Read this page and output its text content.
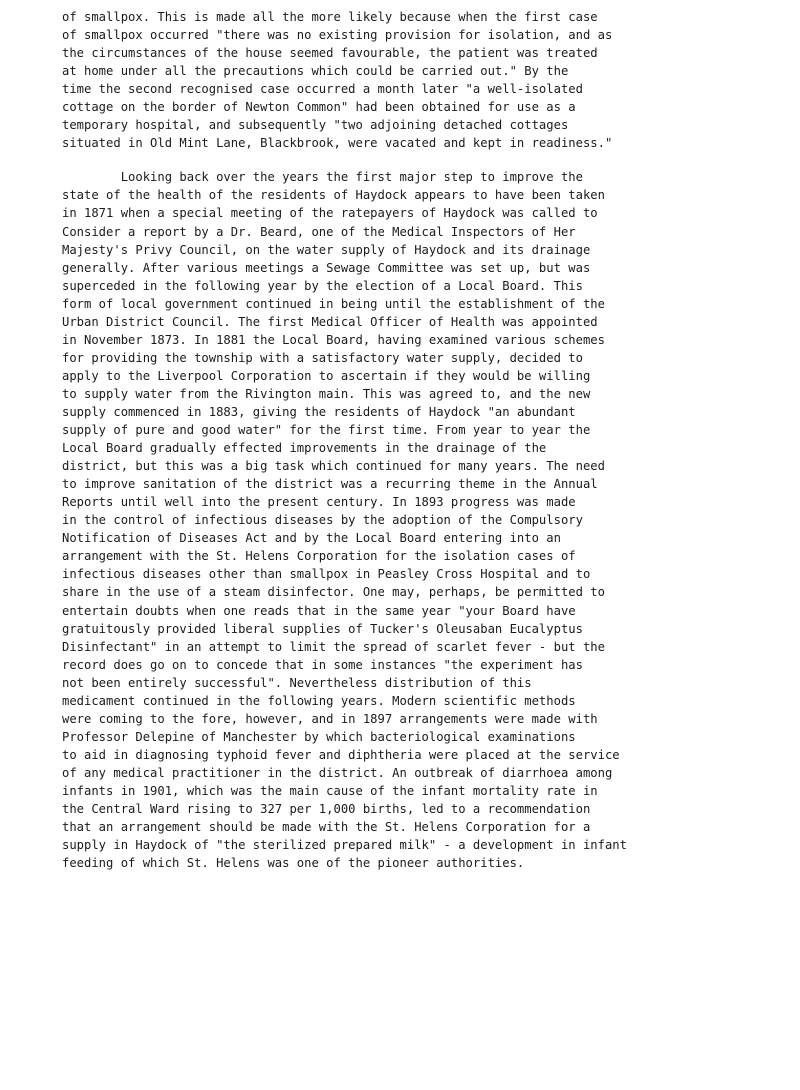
of smallpox. This is made all the more likely because when the first case

of smallpox occurred "there was no existing provision for isolation, and as

the circumstances of the house seemed favourable, the patient was treated

at home under all the precautions which could be carried out." By the

time the second recognised case occurred a month later "a well-isolated

cottage on the border of Newton Common" had been obtained for use as a

temporary hospital, and subsequently "two adjoining detached cottages

situated in Old Mint Lane, Blackbrook, were vacated and kept in readiness."

Looking back over the years the first major step to improve the

state of the health of the residents of Haydock appears to have been taken

in 1871 when a special meeting of the ratepayers of Haydock was called to

Consider a report by a Dr. Beard, one of the Medical Inspectors of Her

Majesty's Privy Council, on the water supply of Haydock and its drainage

generally. After various meetings a Sewage Committee was set up, but was

superceded in the following year by the election of a Local Board. This

form of local government continued in being until the establishment of the

Urban District Council. The first Medical Officer of Health was appointed

in November 1873. In 1881 the Local Board, having examined various schemes

for providing the township with a satisfactory water supply, decided to

apply to the Liverpool Corporation to ascertain if they would be willing

to supply water from the Rivington main. This was agreed to, and the new

supply commenced in 1883, giving the residents of Haydock "an abundant

supply of pure and good water" for the first time. From year to year the

Local Board gradually effected improvements in the drainage of the

district, but this was a big task which continued for many years. The need

to improve sanitation of the district was a recurring theme in the Annual

Reports until well into the present century. In 1893 progress was made

in the control of infectious diseases by the adoption of the Compulsory

Notification of Diseases Act and by the Local Board entering into an

arrangement with the St. Helens Corporation for the isolation cases of

infectious diseases other than smallpox in Peasley Cross Hospital and to

share in the use of a steam disinfector. One may, perhaps, be permitted to

entertain doubts when one reads that in the same year "your Board have

gratuitously provided liberal supplies of Tucker's Oleusaban Eucalyptus

Disinfectant" in an attempt to limit the spread of scarlet fever - but the

record does go on to concede that in some instances "the experiment has

not been entirely successful". Nevertheless distribution of this

medicament continued in the following years. Modern scientific methods

were coming to the fore, however, and in 1897 arrangements were made with

Professor Delepine of Manchester by which bacteriological examinations

to aid in diagnosing typhoid fever and diphtheria were placed at the service

of any medical practitioner in the district. An outbreak of diarrhoea among

infants in 1901, which was the main cause of the infant mortality rate in

the Central Ward rising to 327 per 1,000 births, led to a recommendation

that an arrangement should be made with the St. Helens Corporation for a

supply in Haydock of "the sterilized prepared milk" - a development in infant

feeding of which St. Helens was one of the pioneer authorities.
